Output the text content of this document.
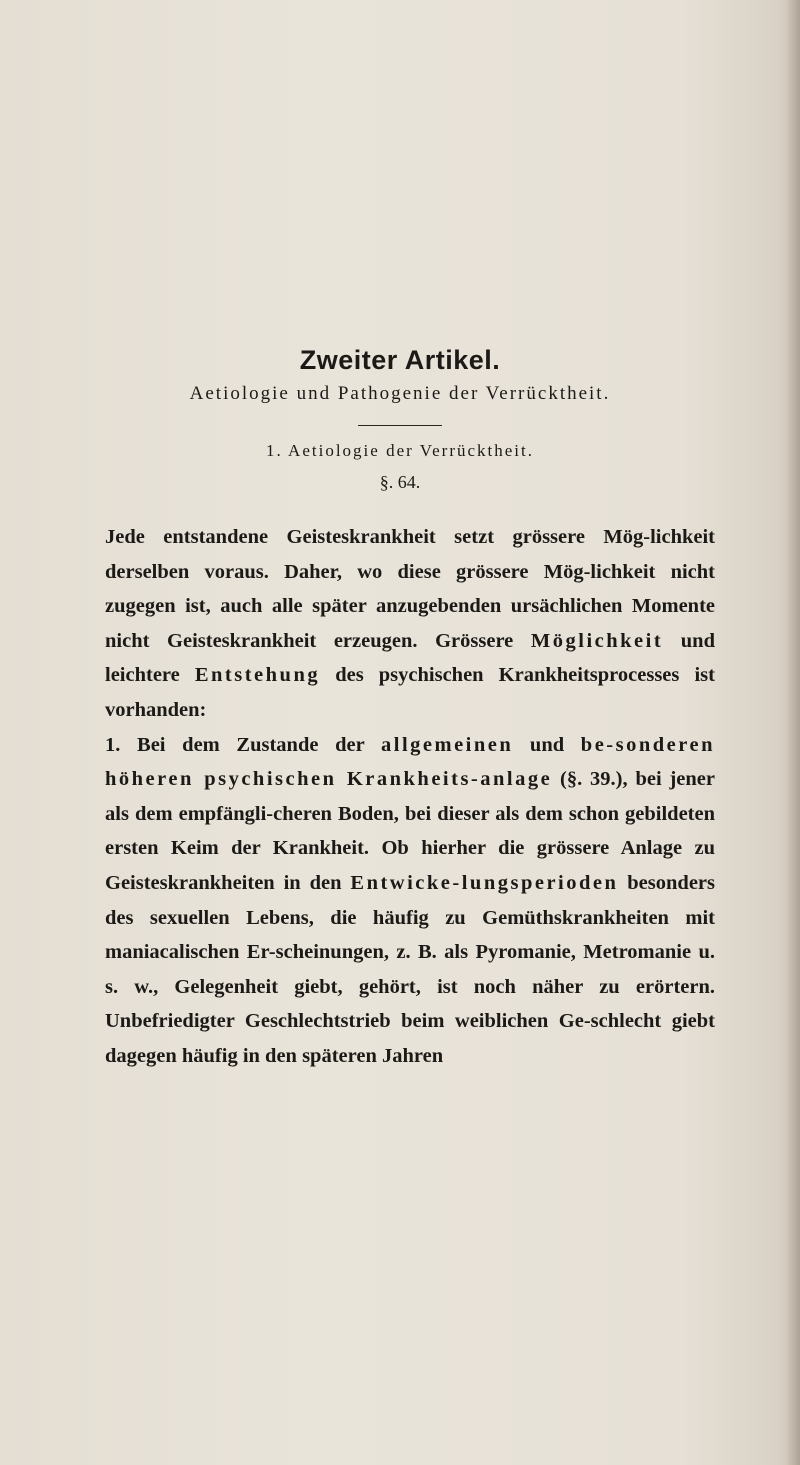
Zweiter Artikel.
Aetiologie und Pathogenie der Verrücktheit.
1. Aetiologie der Verrücktheit.
§. 64.

Jede entstandene Geisteskrankheit setzt grössere Mög-lichkeit derselben voraus. Daher, wo diese grössere Mög-lichkeit nicht zugegen ist, auch alle später anzugebenden ursächlichen Momente nicht Geisteskrankheit erzeugen. Grössere Möglichkeit und leichtere Entstehung des psychischen Krankheitsprocesses ist vorhanden:
1. Bei dem Zustande der allgemeinen und be-sonderen höheren psychischen Krankheits-anlage (§. 39.), bei jener als dem empfängli-cheren Boden, bei dieser als dem schon gebildeten ersten Keim der Krankheit. Ob hierher die grössere Anlage zu Geisteskrankheiten in den Entwicke-lungsperioden besonders des sexuellen Lebens, die häufig zu Gemüthskrankheiten mit maniacalischen Er-scheinungen, z. B. als Pyromanie, Metromanie u. s. w., Gelegenheit giebt, gehört, ist noch näher zu erörtern. Unbefriedigter Geschlechtstrieb beim weiblichen Ge-schlecht giebt dagegen häufig in den späteren Jahren
